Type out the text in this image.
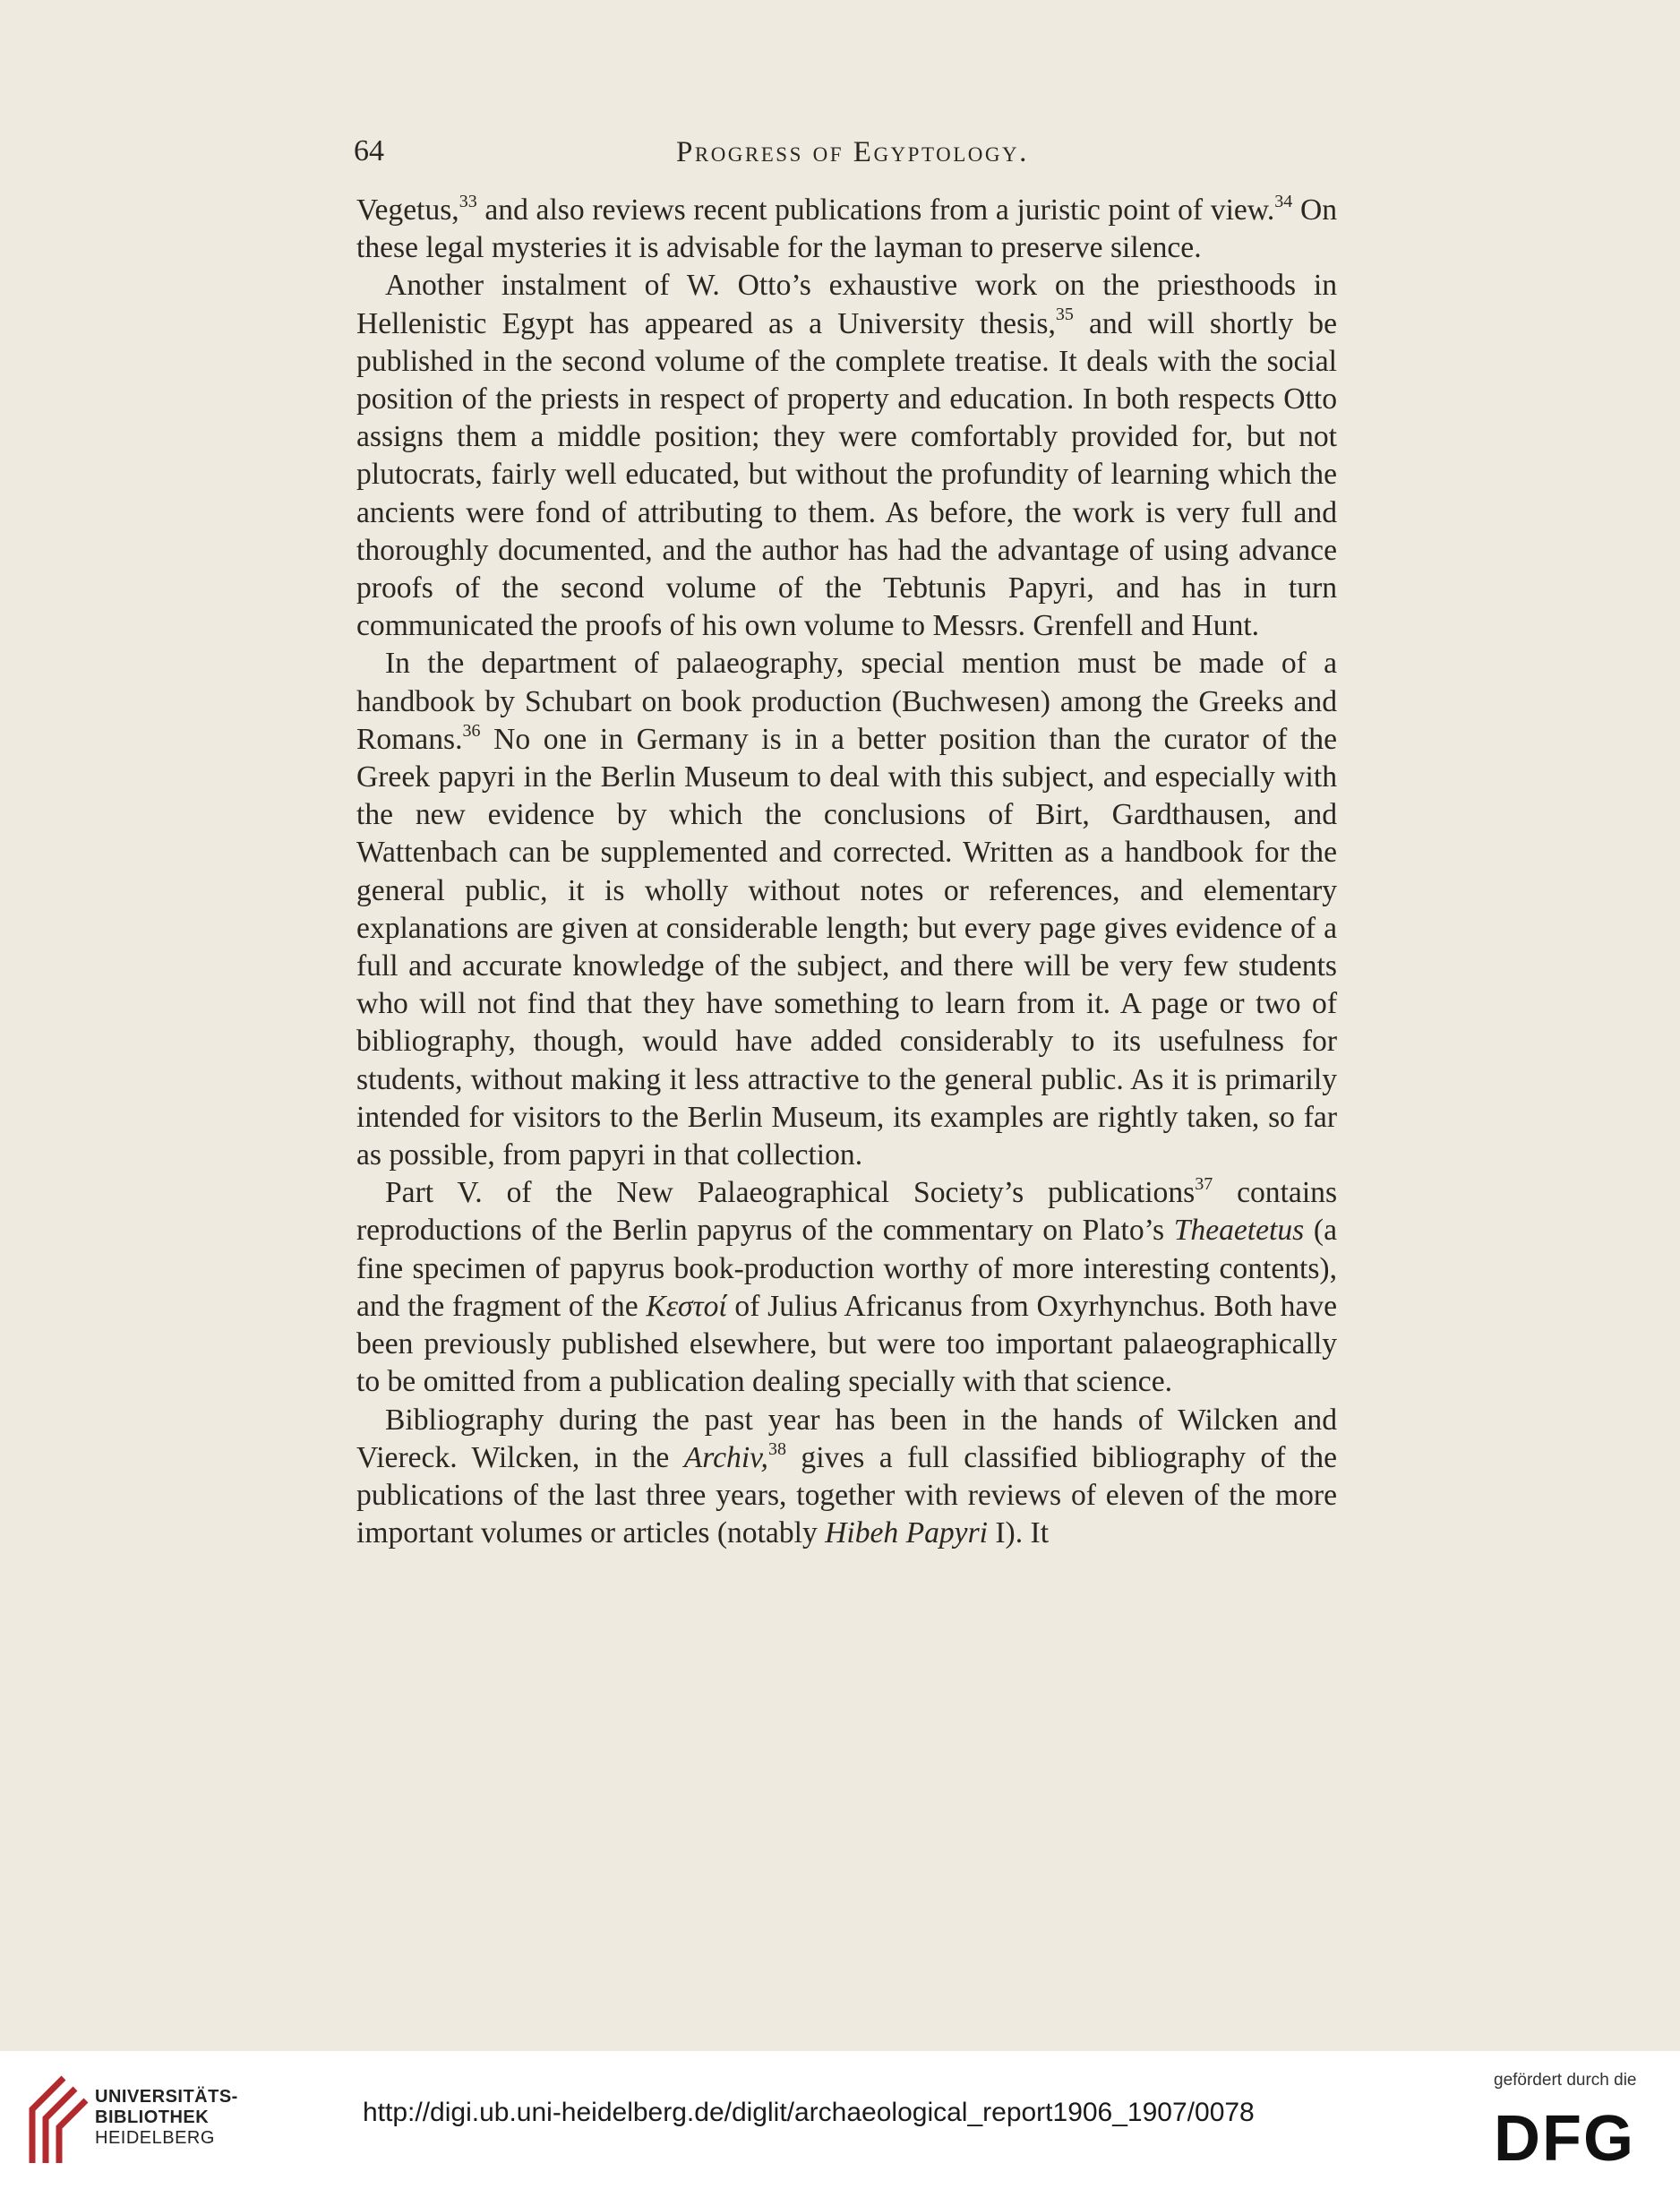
64	Progress of Egyptology.

Vegetus,$^{33}$ and also reviews recent publications from a juristic point of view.$^{34}$ On these legal mysteries it is advisable for the layman to preserve silence.

Another instalment of W. Otto’s exhaustive work on the priesthoods in Hellenistic Egypt has appeared as a University thesis,$^{35}$ and will shortly be published in the second volume of the complete treatise. It deals with the social position of the priests in respect of property and education. In both respects Otto assigns them a middle position; they were comfortably provided for, but not plutocrats, fairly well educated, but without the profundity of learning which the ancients were fond of attributing to them. As before, the work is very full and thoroughly documented, and the author has had the advantage of using advance proofs of the second volume of the Tebtunis Papyri, and has in turn communicated the proofs of his own volume to Messrs. Grenfell and Hunt.

In the department of palaeography, special mention must be made of a handbook by Schubart on book production (Buchwesen) among the Greeks and Romans.$^{36}$ No one in Germany is in a better position than the curator of the Greek papyri in the Berlin Museum to deal with this subject, and especially with the new evidence by which the conclusions of Birt, Gardthausen, and Wattenbach can be supplemented and corrected. Written as a handbook for the general public, it is wholly without notes or references, and elementary explanations are given at considerable length; but every page gives evidence of a full and accurate knowledge of the subject, and there will be very few students who will not find that they have something to learn from it. A page or two of bibliography, though, would have added considerably to its usefulness for students, without making it less attractive to the general public. As it is primarily intended for visitors to the Berlin Museum, its examples are rightly taken, so far as possible, from papyri in that collection.

Part V. of the New Palaeographical Society’s publications$^{37}$ contains reproductions of the Berlin papyrus of the commentary on Plato’s Theaetetus (a fine specimen of papyrus book-production worthy of more interesting contents), and the fragment of the Κεστοί of Julius Africanus from Oxyrhynchus. Both have been previously published elsewhere, but were too important palaeographically to be omitted from a publication dealing specially with that science.

Bibliography during the past year has been in the hands of Wilcken and Viereck. Wilcken, in the Archiv,$^{38}$ gives a full classified bibliography of the publications of the last three years, together with reviews of eleven of the more important volumes or articles (notably Hibeh Papyri I). It

UNIVERSITÄTS-
BIBLIOTHEK
HEIDELBERG
http://digi.ub.uni-heidelberg.de/diglit/archaeological_report1906_1907/0078
gefördert durch die
DFG
